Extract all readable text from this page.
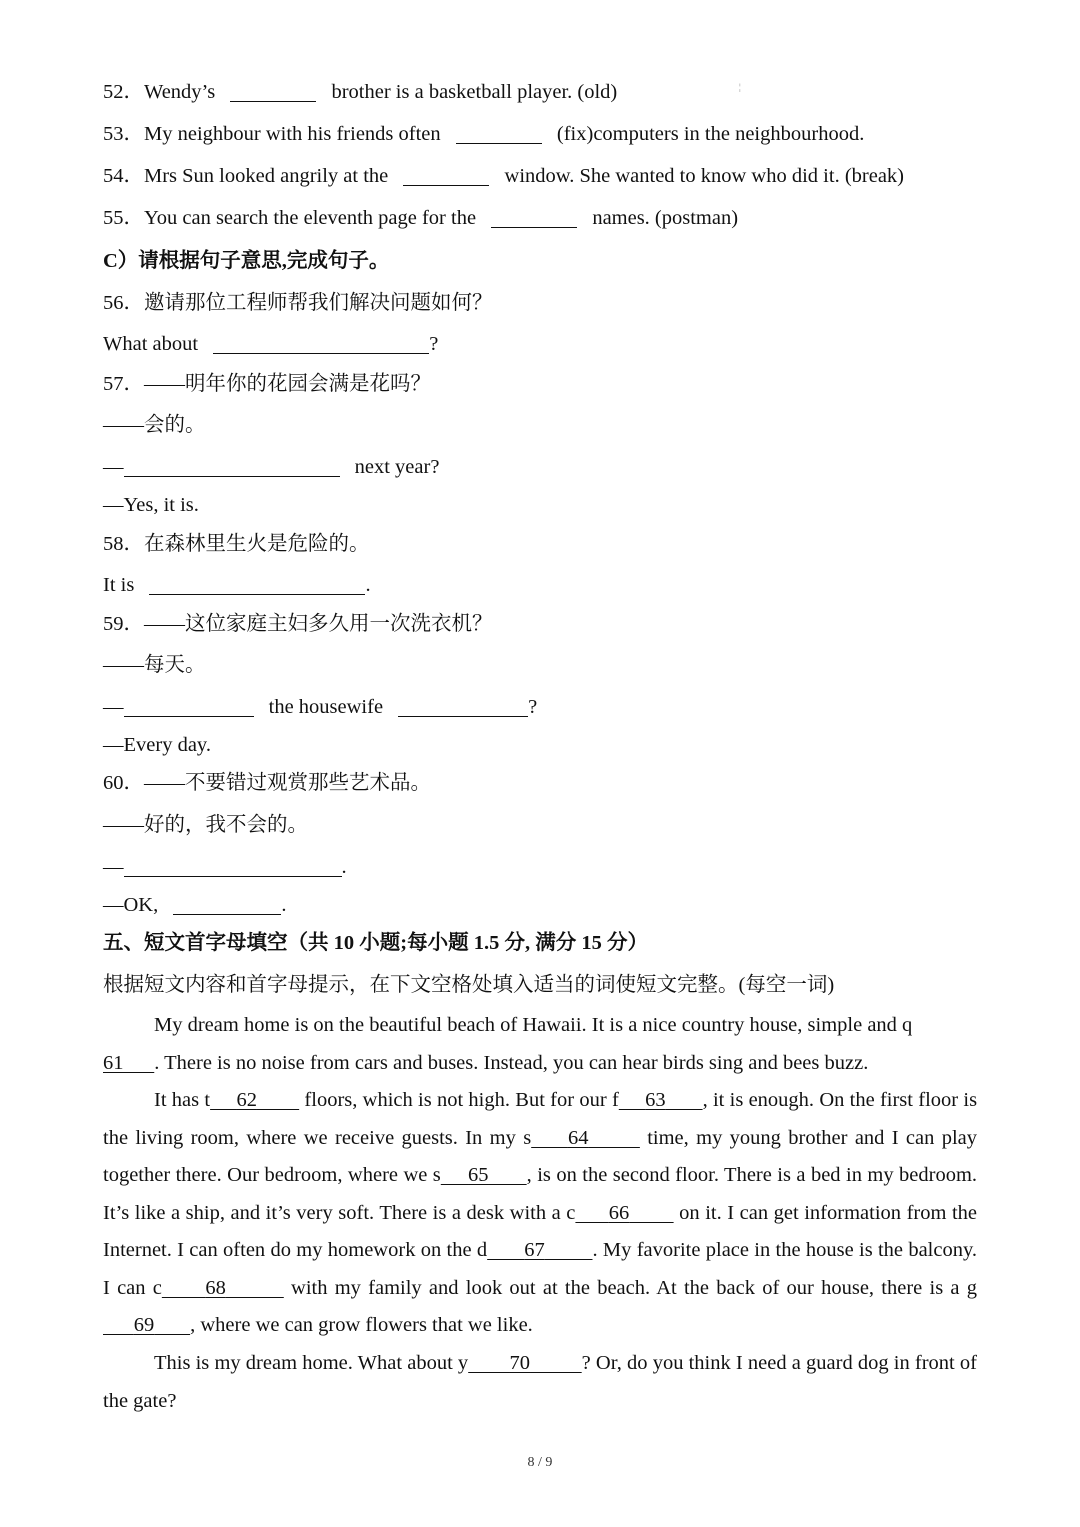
¦
52．Wendy’s	brother is a basketball player. (old)
53．My neighbour with his friends often	(fix)computers in the neighbourhood.
54．Mrs Sun looked angrily at the	window. She wanted to know who did it. (break)
55．You can search the eleventh page for the	names. (postman)
C）请根据句子意思,完成句子。
56．邀请那位工程师帮我们解决问题如何？
What about	?
57．——明年你的花园会满是花吗？
——会的。
—	next year?
—Yes, it is.
58．在森林里生火是危险的。
It is	.
59．——这位家庭主妇多久用一次洗衣机？
——每天。
—	the housewife	?
—Every day.
60．——不要错过观赏那些艺术品。
——好的，我不会的。
—	.
—OK,	.
五、短文首字母填空（共 10 小题;每小题 1.5 分, 满分 15 分）
根据短文内容和首字母提示，在下文空格处填入适当的词使短文完整。(每空一词)
My dream home is on the beautiful beach of Hawaii. It is a nice country house, simple and q
61 . There is no noise from cars and buses. Instead, you can hear birds sing and bees buzz.
It has t 62         floors, which is not high. But for our f 63 , it is enough. On the first floor is the living room, where we receive guests. In my s 64	time, my young brother and I can play together there. Our bedroom, where we s 65 , is on the second floor. There is a bed in my bedroom. It’s like a ship, and it’s very soft. There is a desk with a c 66         on it. I can get information from the Internet. I can often do my homework on the d 67 . My favorite place in the house is the balcony. I can c 68	with my family and look out at the beach. At the back of our house, there is a g      69 , where we can grow flowers that we like.
This is my dream home. What about y 70	? Or, do you think I need a guard dog in front of the gate?
8 / 9
